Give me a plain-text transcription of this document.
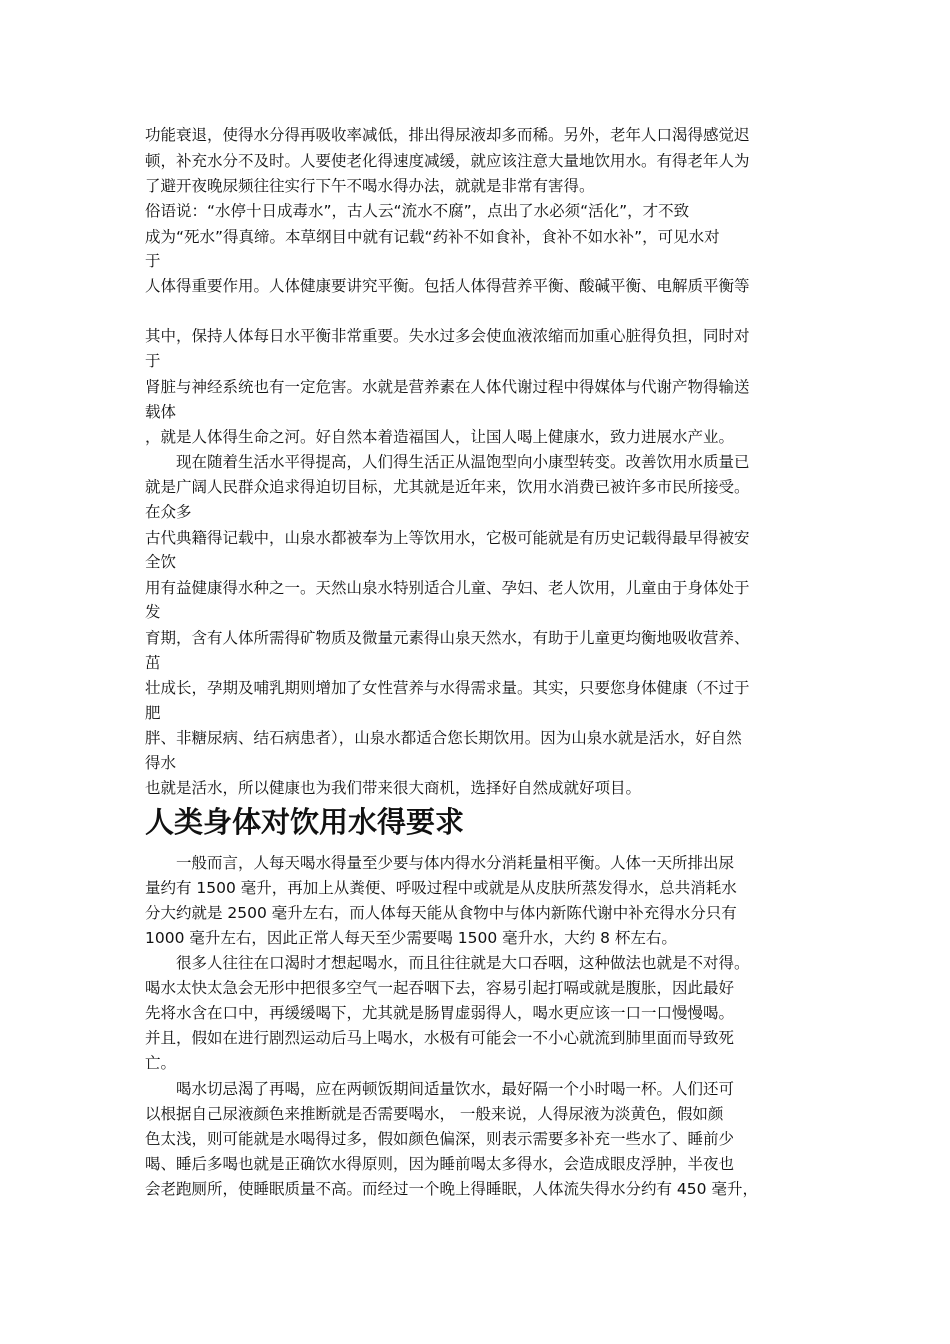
功能衰退，使得水分得再吸收率减低，排出得尿液却多而稀。另外，老年人口渴得感觉迟
顿，补充水分不及时。人要使老化得速度减缓，就应该注意大量地饮用水。有得老年人为
了避开夜晚尿频往往实行下午不喝水得办法，就就是非常有害得。
俗语说：“水停十日成毒水”，古人云“流水不腐”，点出了水必须“活化”，才不致
成为“死水”得真缔。本草纲目中就有记载“药补不如食补，食补不如水补”，可见水对
于
人体得重要作用。人体健康要讲究平衡。包括人体得营养平衡、酸碱平衡、电解质平衡等
其中，保持人体每日水平衡非常重要。失水过多会使血液浓缩而加重心脏得负担，同时对
于
肾脏与神经系统也有一定危害。水就是营养素在人体代谢过程中得媒体与代谢产物得输送
载体
，就是人体得生命之河。好自然本着造福国人，让国人喝上健康水，致力进展水产业。
现在随着生活水平得提高，人们得生活正从温饱型向小康型转变。改善饮用水质量已
就是广阔人民群众追求得迫切目标，尤其就是近年来，饮用水消费已被许多市民所接受。
在众多
古代典籍得记载中，山泉水都被奉为上等饮用水，它极可能就是有历史记载得最早得被安
全饮
用有益健康得水种之一。天然山泉水特别适合儿童、孕妇、老人饮用，儿童由于身体处于
发
育期，含有人体所需得矿物质及微量元素得山泉天然水，有助于儿童更均衡地吸收营养、
茁
壮成长，孕期及哺乳期则增加了女性营养与水得需求量。其实，只要您身体健康（不过于
肥
胖、非糖尿病、结石病患者），山泉水都适合您长期饮用。因为山泉水就是活水，好自然
得水
也就是活水，所以健康也为我们带来很大商机，选择好自然成就好项目。
人类身体对饮用水得要求
一般而言，人每天喝水得量至少要与体内得水分消耗量相平衡。人体一天所排出尿
量约有 1500 毫升，再加上从粪便、呼吸过程中或就是从皮肤所蒸发得水，总共消耗水
分大约就是 2500 毫升左右，而人体每天能从食物中与体内新陈代谢中补充得水分只有
1000 毫升左右，因此正常人每天至少需要喝 1500 毫升水，大约 8 杯左右。
很多人往往在口渴时才想起喝水，而且往往就是大口吞咽，这种做法也就是不对得。
喝水太快太急会无形中把很多空气一起吞咽下去，容易引起打嗝或就是腹胀，因此最好
先将水含在口中，再缓缓喝下，尤其就是肠胃虚弱得人，喝水更应该一口一口慢慢喝。
并且，假如在进行剧烈运动后马上喝水，水极有可能会一不小心就流到肺里面而导致死
亡。
喝水切忌渴了再喝，应在两顿饭期间适量饮水，最好隔一个小时喝一杯。人们还可
以根据自己尿液颜色来推断就是否需要喝水， 一般来说，人得尿液为淡黄色，假如颜
色太浅，则可能就是水喝得过多，假如颜色偏深，则表示需要多补充一些水了、睡前少
喝、睡后多喝也就是正确饮水得原则，因为睡前喝太多得水，会造成眼皮浮肿，半夜也
会老跑厕所，使睡眠质量不高。而经过一个晚上得睡眠，人体流失得水分约有 450 毫升，
